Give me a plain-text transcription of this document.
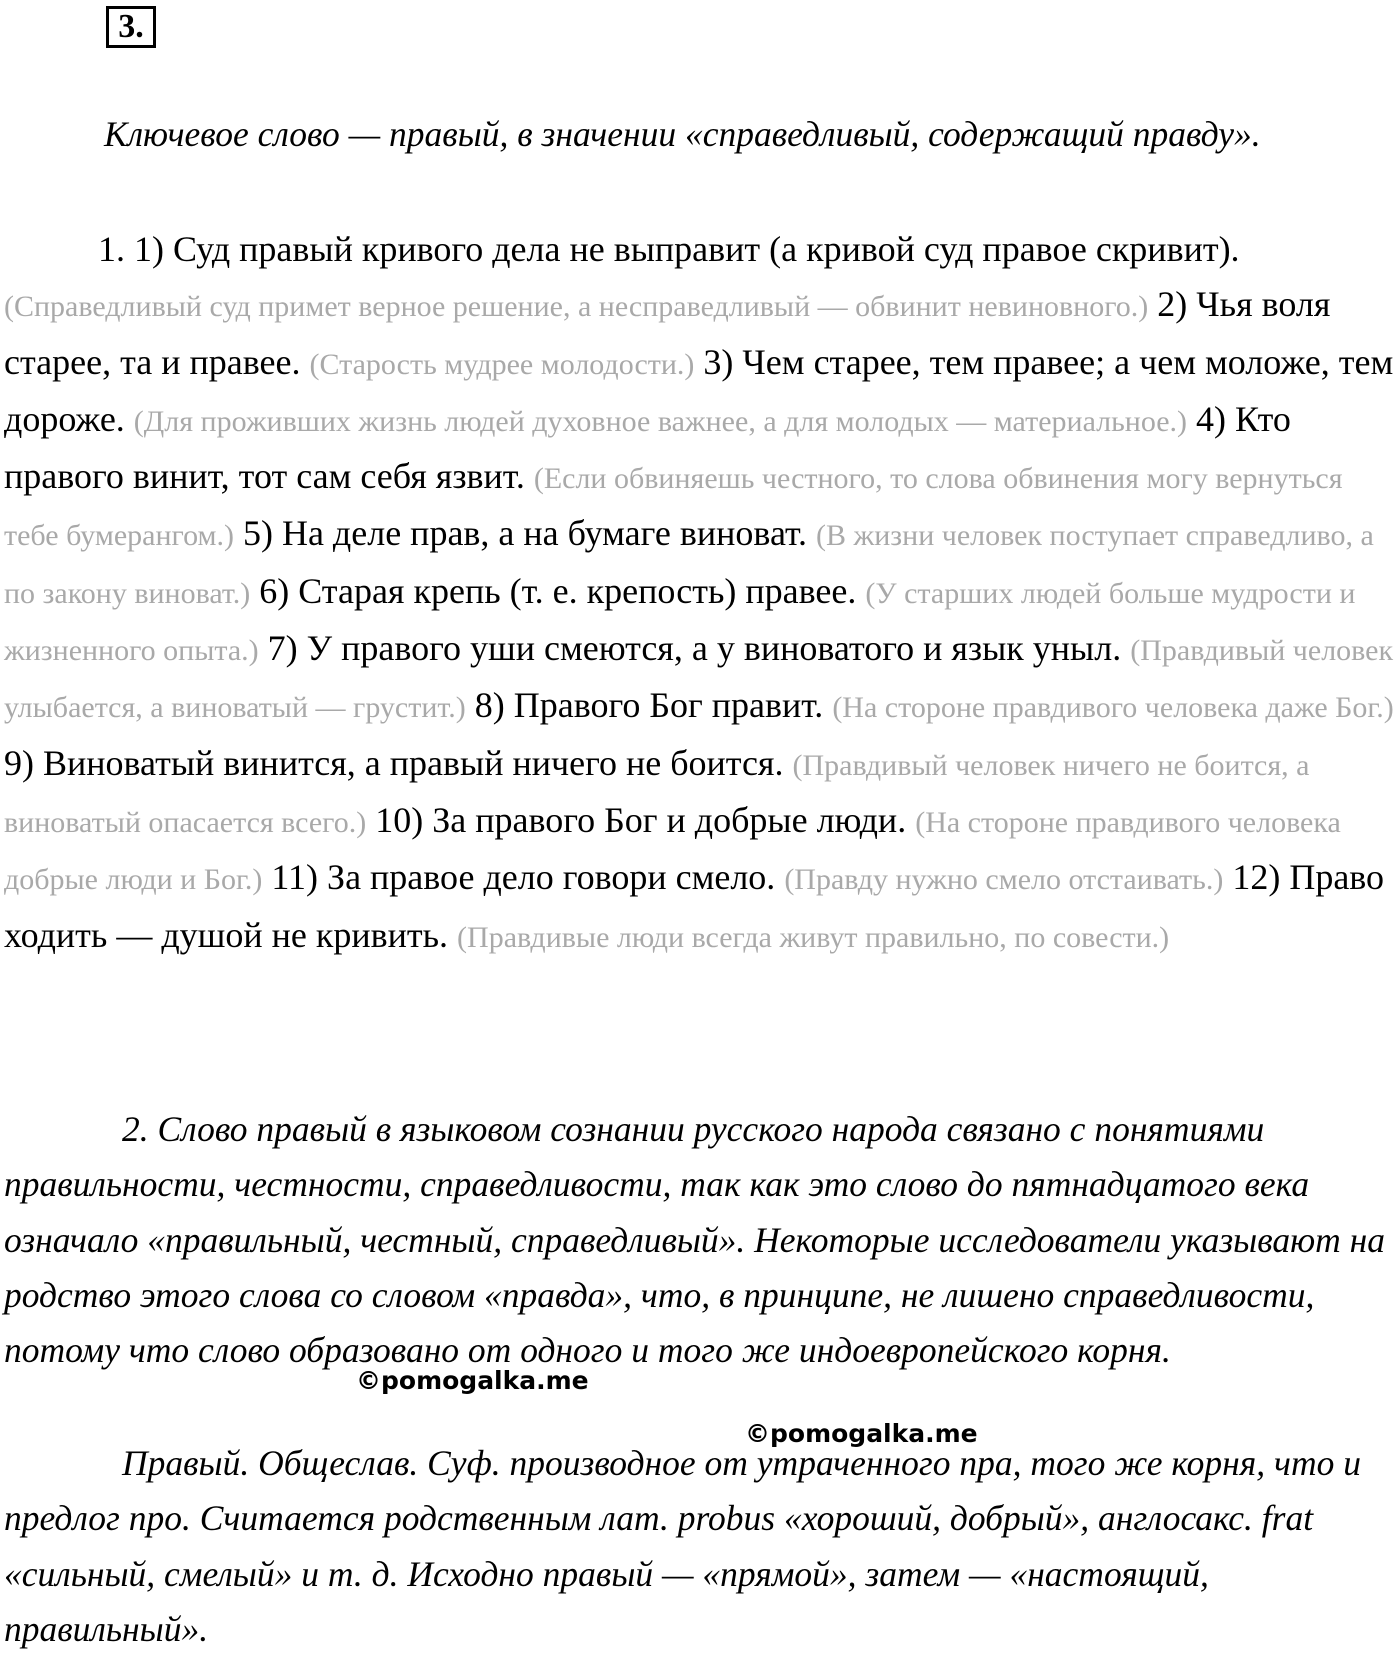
3.
Ключевое слово — правый, в значении «справедливый, содержащий правду».
1. 1) Суд правый кривого дела не выправит (а кривой суд правое скривит). (Справедливый суд примет верное решение, а несправедливый — обвинит невиновного.) 2) Чья воля старее, та и правее. (Старость мудрее молодости.) 3) Чем старее, тем правее; а чем моложе, тем дороже. (Для проживших жизнь людей духовное важнее, а для молодых — материальное.) 4) Кто правого винит, тот сам себя язвит. (Если обвиняешь честного, то слова обвинения могу вернуться тебе бумерангом.) 5) На деле прав, а на бумаге виноват. (В жизни человек поступает справедливо, а по закону виноват.) 6) Старая крепь (т. е. крепость) правее. (У старших людей больше мудрости и жизненного опыта.) 7) У правого уши смеются, а у виноватого и язык уныл. (Правдивый человек улыбается, а виноватый — грустит.) 8) Правого Бог правит. (На стороне правдивого человека даже Бог.) 9) Виноватый винится, а правый ничего не боится. (Правдивый человек ничего не боится, а виноватый опасается всего.) 10) За правого Бог и добрые люди. (На стороне правдивого человека добрые люди и Бог.) 11) За правое дело говори смело. (Правду нужно смело отстаивать.) 12) Право ходить — душой не кривить. (Правдивые люди всегда живут правильно, по совести.)
2. Слово правый в языковом сознании русского народа связано с понятиями правильности, честности, справедливости, так как это слово до пятнадцатого века означало «правильный, честный, справедливый». Некоторые исследователи указывают на родство этого слова со словом «правда», что, в принципе, не лишено справедливости, потому что слово образовано от одного и того же индоевропейского корня.
Правый. Общеслав. Суф. производное от утраченного пра, того же корня, что и предлог про. Считается родственным лат. probus «хороший, добрый», англосакс. frat «сильный, смелый» и т. д. Исходно правый — «прямой», затем — «настоящий, правильный».
©pomogalka.me
©pomogalka.me
